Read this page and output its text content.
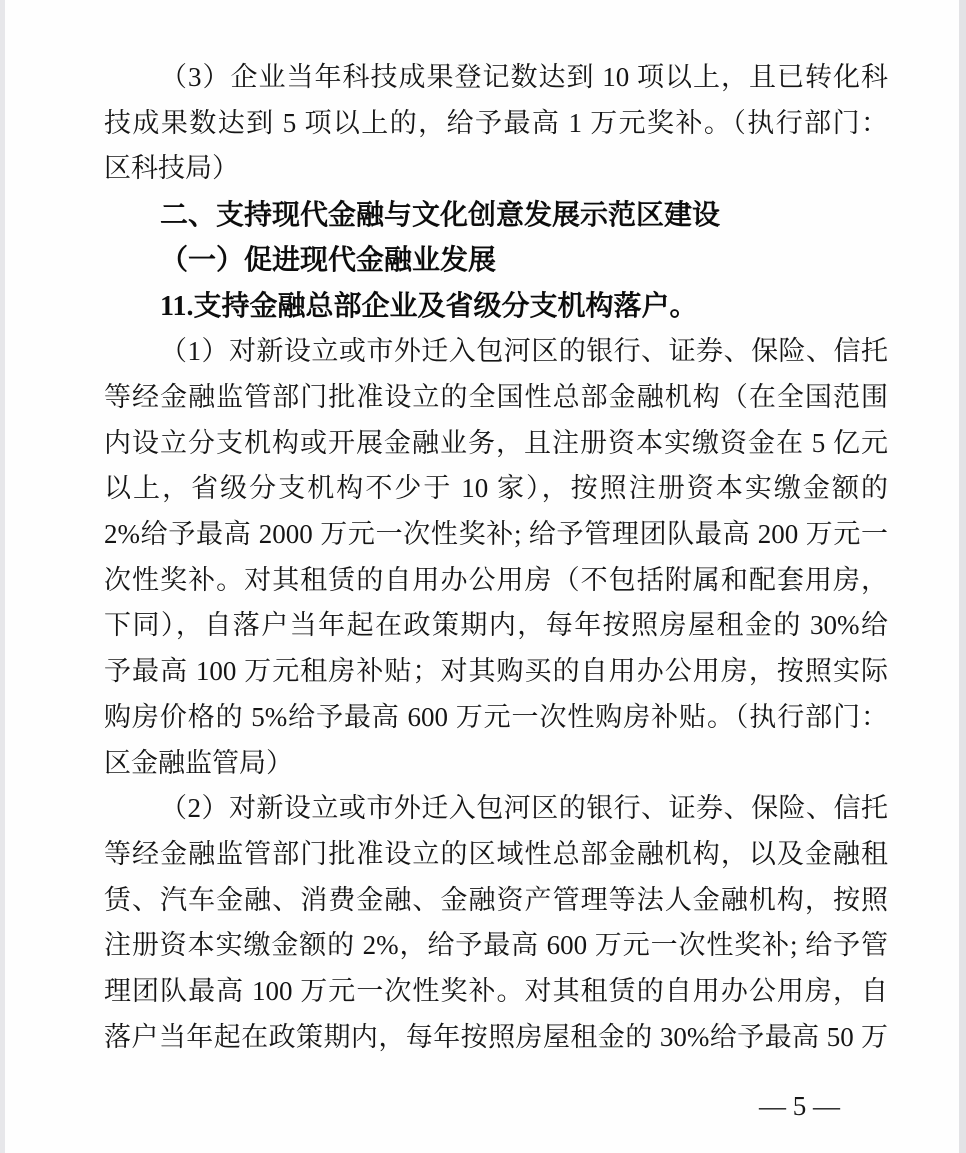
（3）企业当年科技成果登记数达到 10 项以上，且已转化科
技成果数达到 5 项以上的，给予最高 1 万元奖补。（执行部门：
区科技局）
二、支持现代金融与文化创意发展示范区建设
（一）促进现代金融业发展
11.支持金融总部企业及省级分支机构落户。
（1）对新设立或市外迁入包河区的银行、证券、保险、信托
等经金融监管部门批准设立的全国性总部金融机构（在全国范围
内设立分支机构或开展金融业务，且注册资本实缴资金在 5 亿元
以上，省级分支机构不少于 10 家），按照注册资本实缴金额的
2%给予最高 2000 万元一次性奖补; 给予管理团队最高 200 万元一
次性奖补。对其租赁的自用办公用房（不包括附属和配套用房，
下同），自落户当年起在政策期内，每年按照房屋租金的 30%给
予最高 100 万元租房补贴；对其购买的自用办公用房，按照实际
购房价格的 5%给予最高 600 万元一次性购房补贴。（执行部门：
区金融监管局）
（2）对新设立或市外迁入包河区的银行、证券、保险、信托
等经金融监管部门批准设立的区域性总部金融机构，以及金融租
赁、汽车金融、消费金融、金融资产管理等法人金融机构，按照
注册资本实缴金额的 2%，给予最高 600 万元一次性奖补; 给予管
理团队最高 100 万元一次性奖补。对其租赁的自用办公用房，自
落户当年起在政策期内，每年按照房屋租金的 30%给予最高 50 万
— 5 —
